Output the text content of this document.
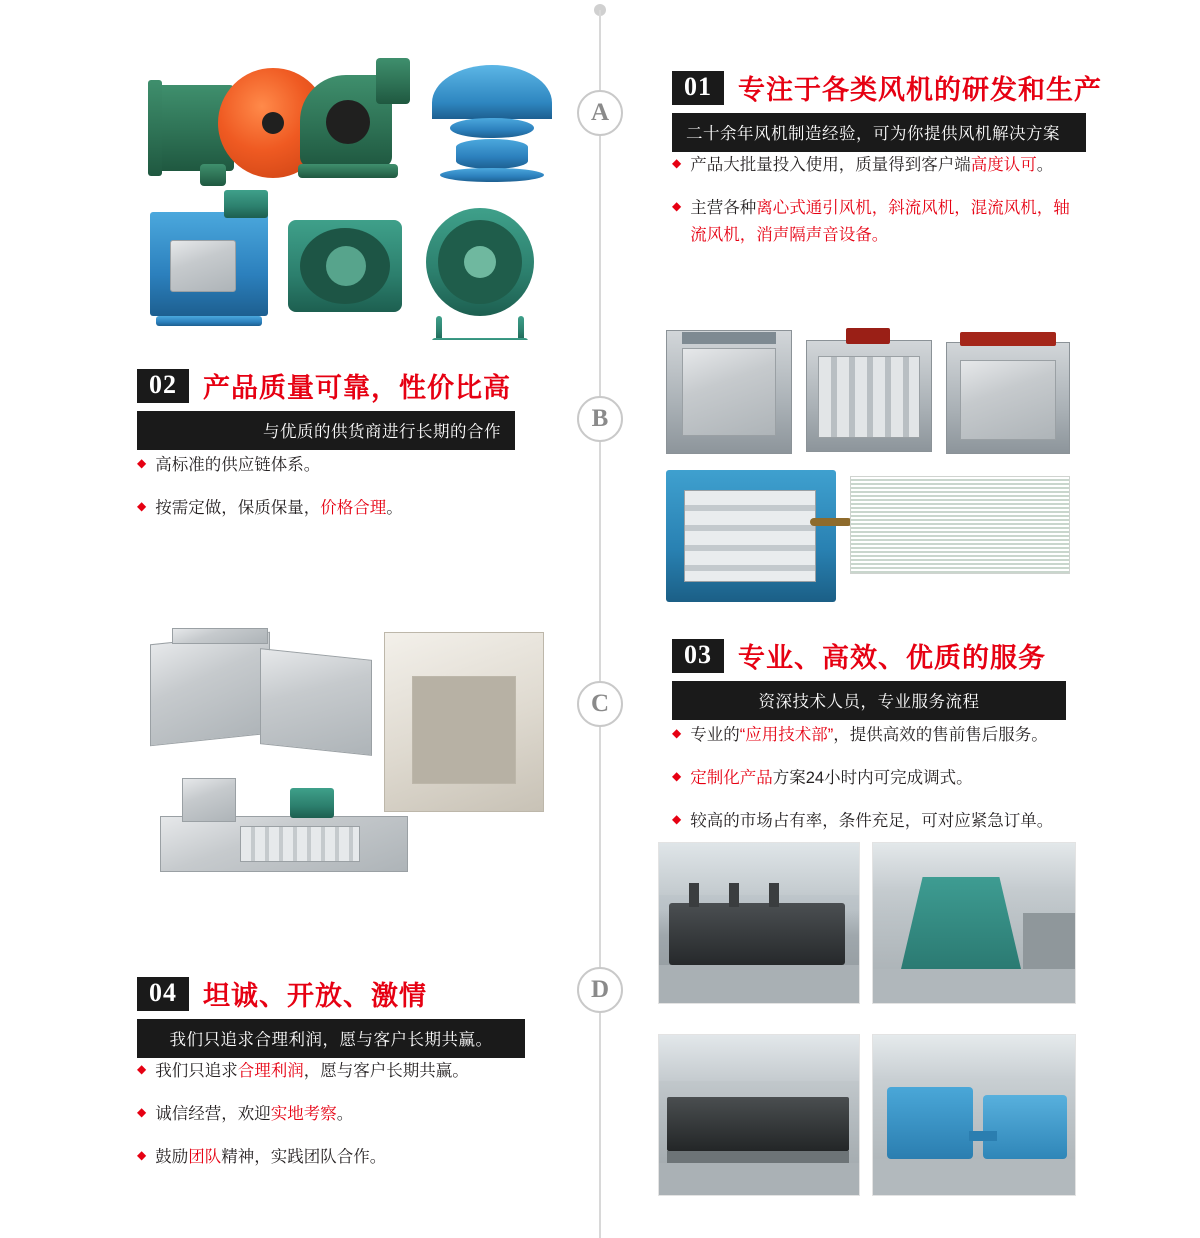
A
B
C
D
01 专注于各类风机的研发和生产
二十余年风机制造经验，可为你提供风机解决方案
◆ 产品大批量投入使用，质量得到客户端高度认可。
◆ 主营各种离心式通引风机，斜流风机，混流风机，轴流风机，消声隔声音设备。
02 产品质量可靠，性价比高
与优质的供货商进行长期的合作
◆ 高标准的供应链体系。
◆ 按需定做，保质保量，价格合理。
03 专业、高效、优质的服务
资深技术人员，专业服务流程
◆ 专业的“应用技术部”，提供高效的售前售后服务。
◆ 定制化产品方案24小时内可完成调式。
◆ 较高的市场占有率，条件充足，可对应紧急订单。
04 坦诚、开放、激情
我们只追求合理利润，愿与客户长期共赢。
◆ 我们只追求合理利润，愿与客户长期共赢。
◆ 诚信经营，欢迎实地考察。
◆ 鼓励团队精神，实践团队合作。
